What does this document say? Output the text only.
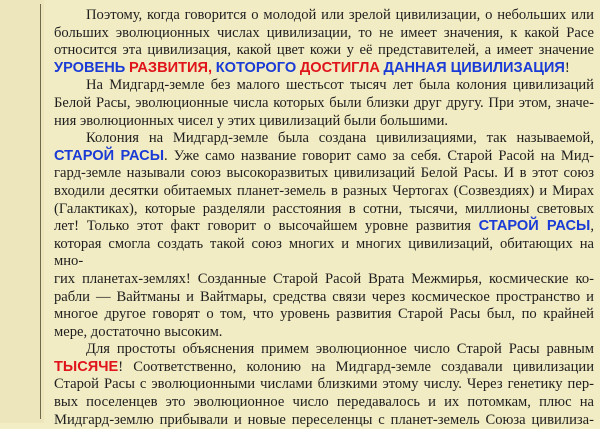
Поэтому, когда говорится о молодой или зрелой цивилизации, о небольших или
больших эволюционных числах цивилизации, то не имеет значения, к какой Расе
относится эта цивилизация, какой цвет кожи у её представителей, а имеет значение
УРОВЕНЬ РАЗВИТИЯ, КОТОРОГО ДОСТИГЛА ДАННАЯ ЦИВИЛИЗАЦИЯ!
На Мидгард-земле без малого шестьсот тысяч лет была колония цивилизаций
Белой Расы, эволюционные числа которых были близки друг другу. При этом, значе-
ния эволюционных чисел у этих цивилизаций были большими.
Колония на Мидгард-земле была создана цивилизациями, так называемой,
СТАРОЙ РАСЫ. Уже само название говорит само за себя. Старой Расой на Мид-
гард-земле называли союз высокоразвитых цивилизаций Белой Расы. И в этот союз
входили десятки обитаемых планет-земель в разных Чертогах (Созвездиях) и Мирах
(Галактиках), которые разделяли расстояния в сотни, тысячи, миллионы световых
лет! Только этот факт говорит о высочайшем уровне развития СТАРОЙ РАСЫ,
которая смогла создать такой союз многих и многих цивилизаций, обитающих на мно-
гих планетах-землях! Созданные Старой Расой Врата Межмирья, космические ко-
рабли — Вайтманы и Вайтмары, средства связи через космическое пространство и
многое другое говорят о том, что уровень развития Старой Расы был, по крайней
мере, достаточно высоким.
Для простоты объяснения примем эволюционное число Старой Расы равным
ТЫСЯЧЕ! Соответственно, колонию на Мидгард-земле создавали цивилизации
Старой Расы с эволюционными числами близкими этому числу. Через генетику пер-
вых поселенцев это эволюционное число передавалось и их потомкам, плюс на
Мидгард-землю прибывали и новые переселенцы с планет-земель Союза цивилиза-
